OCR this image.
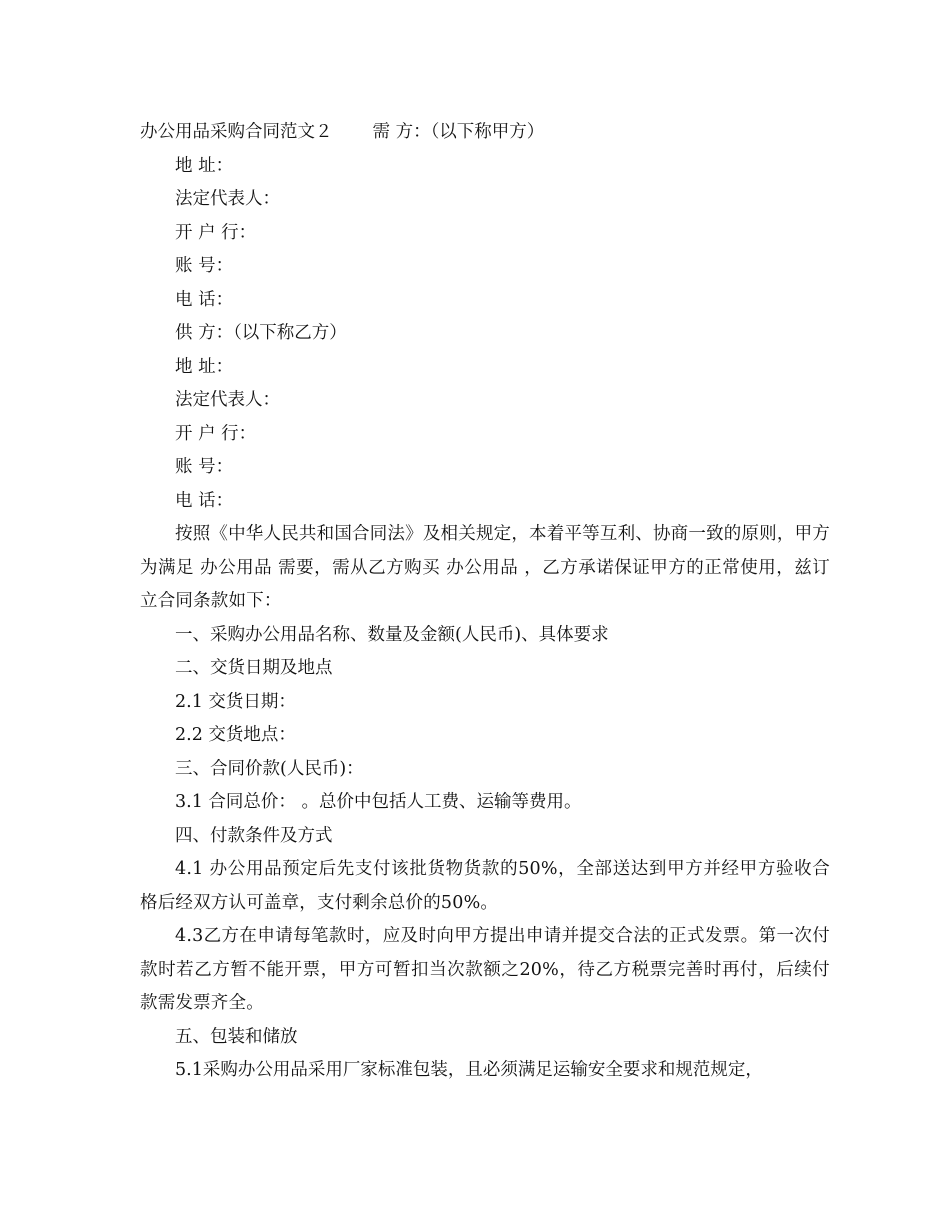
办公用品采购合同范文２ 需 方：（以下称甲方）
地 址：
法定代表人：
开 户 行：
账 号：
电 话：
供 方：（以下称乙方）
地 址：
法定代表人：
开 户 行：
账 号：
电 话：
按照《中华人民共和国合同法》及相关规定，本着平等互利、协商一致的原则，甲方为满足 办公用品 需要，需从乙方购买 办公用品 ，乙方承诺保证甲方的正常使用，兹订立合同条款如下：
一、采购办公用品名称、数量及金额(人民币)、具体要求
二、交货日期及地点
2.1 交货日期：
2.2 交货地点：
三、合同价款(人民币)：
3.1 合同总价： 。总价中包括人工费、运输等费用。
四、付款条件及方式
4.1 办公用品预定后先支付该批货物货款的50%，全部送达到甲方并经甲方验收合格后经双方认可盖章，支付剩余总价的50%。
4.3乙方在申请每笔款时，应及时向甲方提出申请并提交合法的正式发票。第一次付款时若乙方暂不能开票，甲方可暂扣当次款额之20%，待乙方税票完善时再付，后续付款需发票齐全。
五、包装和储放
5.1采购办公用品采用厂家标准包装，且必须满足运输安全要求和规范规定，
